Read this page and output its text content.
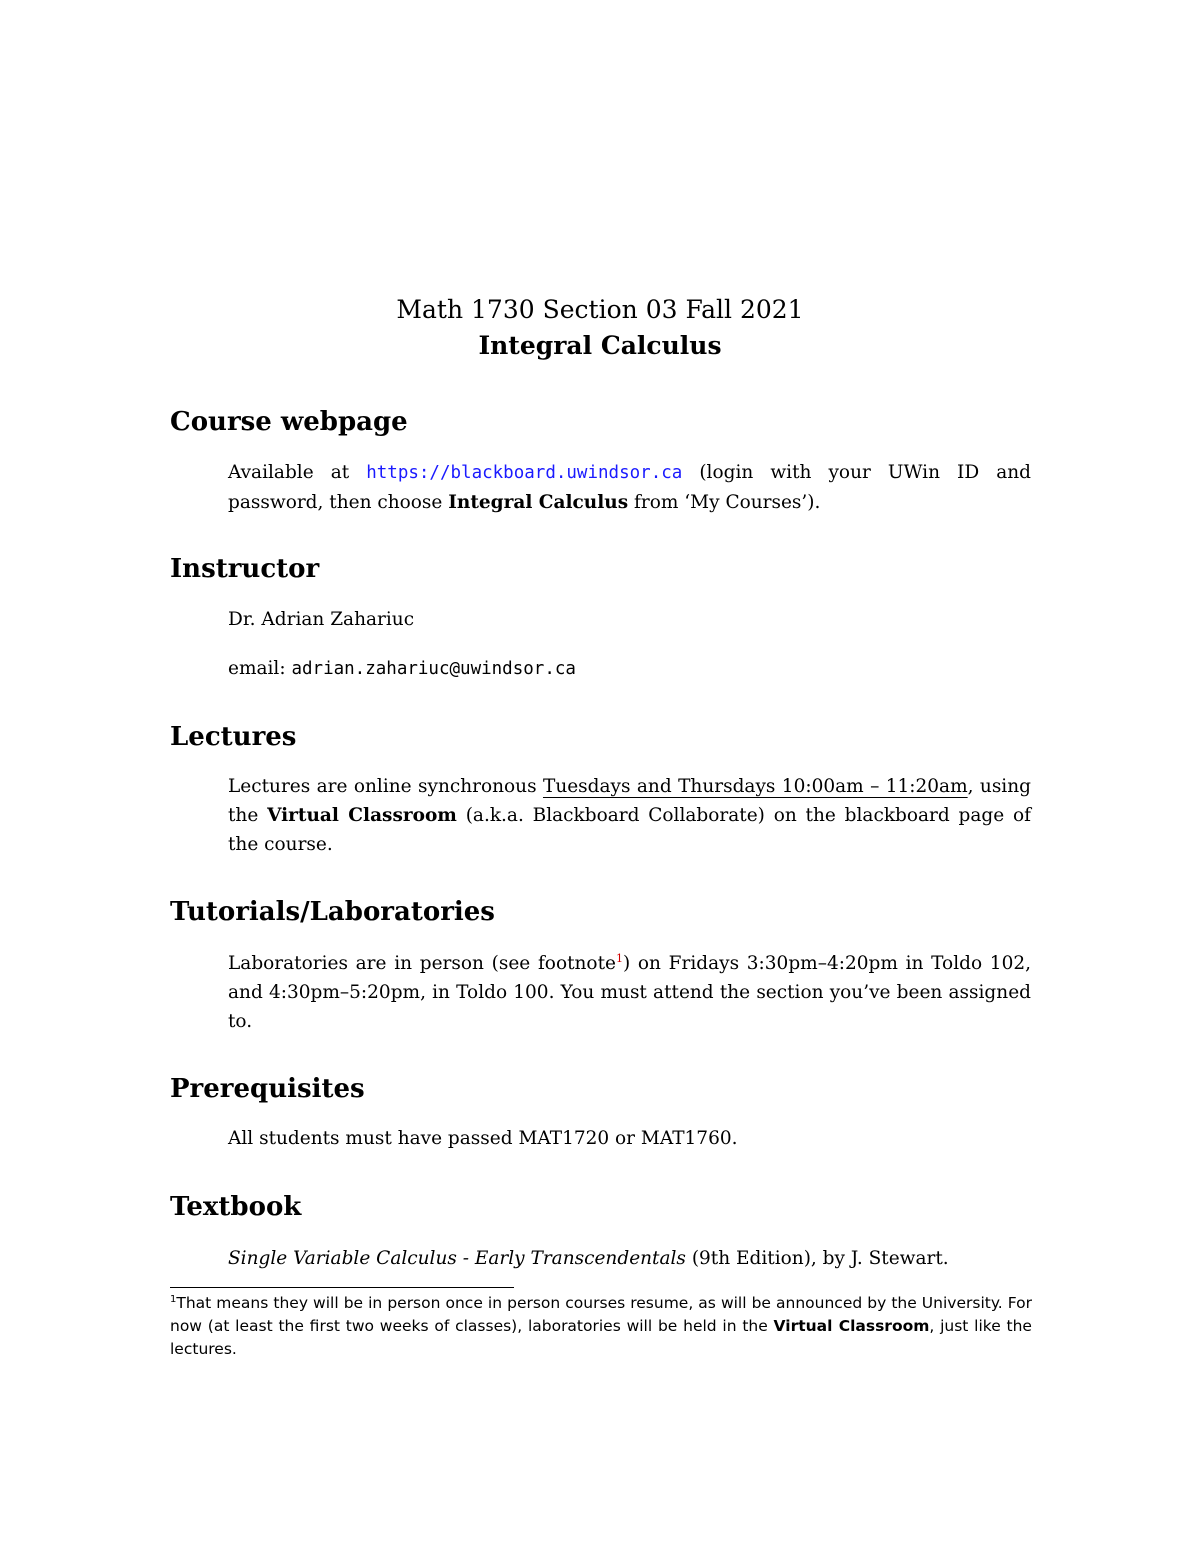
Math 1730 Section 03 Fall 2021
Integral Calculus
Course webpage
Available at https://blackboard.uwindsor.ca (login with your UWin ID and password, then choose Integral Calculus from ‘My Courses’).
Instructor
Dr. Adrian Zahariuc
email: adrian.zahariuc@uwindsor.ca
Lectures
Lectures are online synchronous Tuesdays and Thursdays 10:00am – 11:20am, using the Virtual Classroom (a.k.a. Blackboard Collaborate) on the blackboard page of the course.
Tutorials/Laboratories
Laboratories are in person (see footnote$^1$) on Fridays 3:30pm–4:20pm in Toldo 102, and 4:30pm–5:20pm, in Toldo 100. You must attend the section you’ve been assigned to.
Prerequisites
All students must have passed MAT1720 or MAT1760.
Textbook
Single Variable Calculus - Early Transcendentals (9th Edition), by J. Stewart.
$^1$That means they will be in person once in person courses resume, as will be announced by the University. For now (at least the first two weeks of classes), laboratories will be held in the Virtual Classroom, just like the lectures.
